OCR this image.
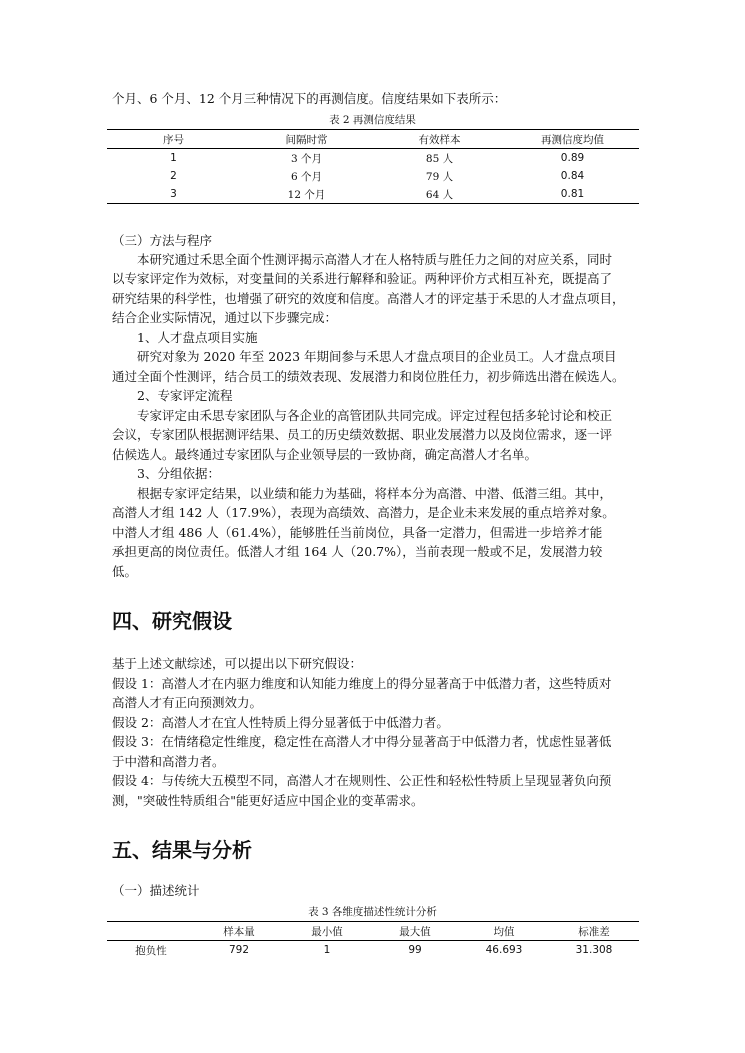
个月、6 个月、12 个月三种情况下的再测信度。信度结果如下表所示：
表 2 再测信度结果
序号	间隔时常	有效样本	再测信度均值
1	3 个月	85 人	0.89
2	6 个月	79 人	0.84
3	12 个月	64 人	0.81
（三）方法与程序
本研究通过禾思全面个性测评揭示高潜人才在人格特质与胜任力之间的对应关系，同时
以专家评定作为效标，对变量间的关系进行解释和验证。两种评价方式相互补充，既提高了
研究结果的科学性，也增强了研究的效度和信度。高潜人才的评定基于禾思的人才盘点项目，
结合企业实际情况，通过以下步骤完成：
1、人才盘点项目实施
研究对象为 2020 年至 2023 年期间参与禾思人才盘点项目的企业员工。人才盘点项目
通过全面个性测评，结合员工的绩效表现、发展潜力和岗位胜任力，初步筛选出潜在候选人。
2、专家评定流程
专家评定由禾思专家团队与各企业的高管团队共同完成。评定过程包括多轮讨论和校正
会议，专家团队根据测评结果、员工的历史绩效数据、职业发展潜力以及岗位需求，逐一评
估候选人。最终通过专家团队与企业领导层的一致协商，确定高潜人才名单。
3、分组依据：
根据专家评定结果，以业绩和能力为基础，将样本分为高潜、中潜、低潜三组。其中，
高潜人才组 142 人（17.9%），表现为高绩效、高潜力，是企业未来发展的重点培养对象。
中潜人才组 486 人（61.4%），能够胜任当前岗位，具备一定潜力，但需进一步培养才能
承担更高的岗位责任。低潜人才组 164 人（20.7%），当前表现一般或不足，发展潜力较
低。
四、研究假设
基于上述文献综述，可以提出以下研究假设：
假设 1：高潜人才在内驱力维度和认知能力维度上的得分显著高于中低潜力者，这些特质对
高潜人才有正向预测效力。
假设 2：高潜人才在宜人性特质上得分显著低于中低潜力者。
假设 3：在情绪稳定性维度，稳定性在高潜人才中得分显著高于中低潜力者，忧虑性显著低
于中潜和高潜力者。
假设 4：与传统大五模型不同，高潜人才在规则性、公正性和轻松性特质上呈现显著负向预
测，"突破性特质组合"能更好适应中国企业的变革需求。
五、结果与分析
（一）描述统计
表 3 各维度描述性统计分析
	样本量	最小值	最大值	均值	标准差
抱负性	792	1	99	46.693	31.308
